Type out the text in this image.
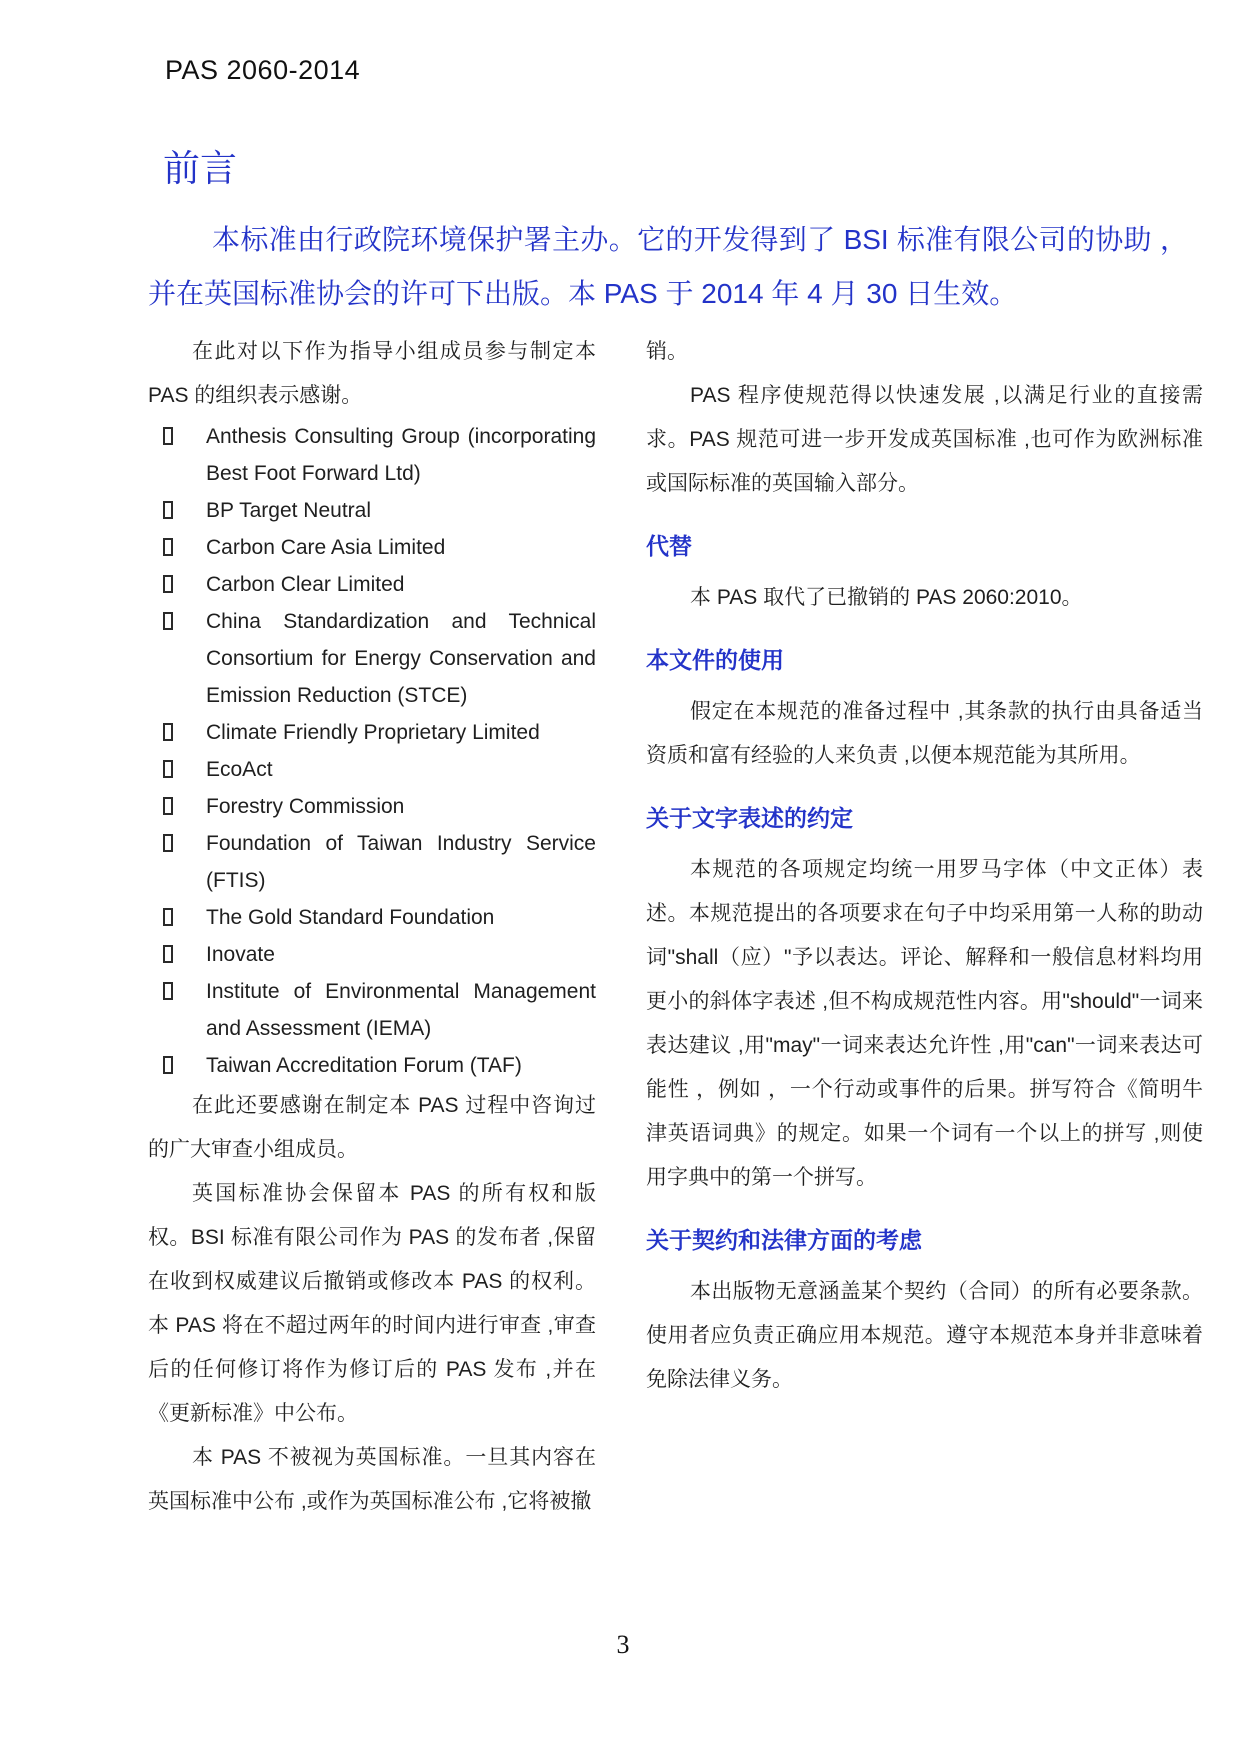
PAS 2060-2014
前言

本标准由行政院环境保护署主办。它的开发得到了 BSI 标准有限公司的协助 ，并在英国标准协会的许可下出版。本 PAS 于 2014 年 4 月 30 日生效。

在此对以下作为指导小组成员参与制定本 PAS 的组织表示感谢。

Anthesis Consulting Group (incorporating Best Foot Forward Ltd)
BP Target Neutral
Carbon Care Asia Limited
Carbon Clear Limited
China Standardization and Technical Consortium for Energy Conservation and Emission Reduction (STCE)
Climate Friendly Proprietary Limited
EcoAct
Forestry Commission
Foundation of Taiwan Industry Service (FTIS)
The Gold Standard Foundation
Inovate
Institute of Environmental Management and Assessment (IEMA)
Taiwan Accreditation Forum (TAF)

在此还要感谢在制定本 PAS 过程中咨询过的广大审查小组成员。

英国标准协会保留本 PAS 的所有权和版权。BSI 标准有限公司作为 PAS 的发布者 ,保留在收到权威建议后撤销或修改本 PAS 的权利。本 PAS 将在不超过两年的时间内进行审查 ,审查后的任何修订将作为修订后的 PAS 发布 ,并在《更新标准》中公布。

本 PAS 不被视为英国标准。一旦其内容在英国标准中公布 ,或作为英国标准公布 ,它将被撤

销。

PAS 程序使规范得以快速发展 ,以满足行业的直接需求。PAS 规范可进一步开发成英国标准 ,也可作为欧洲标准或国际标准的英国输入部分。

代替

本 PAS 取代了已撤销的 PAS 2060:2010。

本文件的使用

假定在本规范的准备过程中 ,其条款的执行由具备适当资质和富有经验的人来负责 ,以便本规范能为其所用。

关于文字表述的约定

本规范的各项规定均统一用罗马字体（中文正体）表述。本规范提出的各项要求在句子中均采用第一人称的助动词"shall（应）"予以表达。评论、解释和一般信息材料均用更小的斜体字表述 ,但不构成规范性内容。用"should"一词来表达建议 ,用"may"一词来表达允许性 ,用"can"一词来表达可能性 ，例如 ，一个行动或事件的后果。拼写符合《简明牛津英语词典》的规定。如果一个词有一个以上的拼写 ,则使用字典中的第一个拼写。

关于契约和法律方面的考虑

本出版物无意涵盖某个契约（合同）的所有必要条款。使用者应负责正确应用本规范。遵守本规范本身并非意味着免除法律义务。

3
